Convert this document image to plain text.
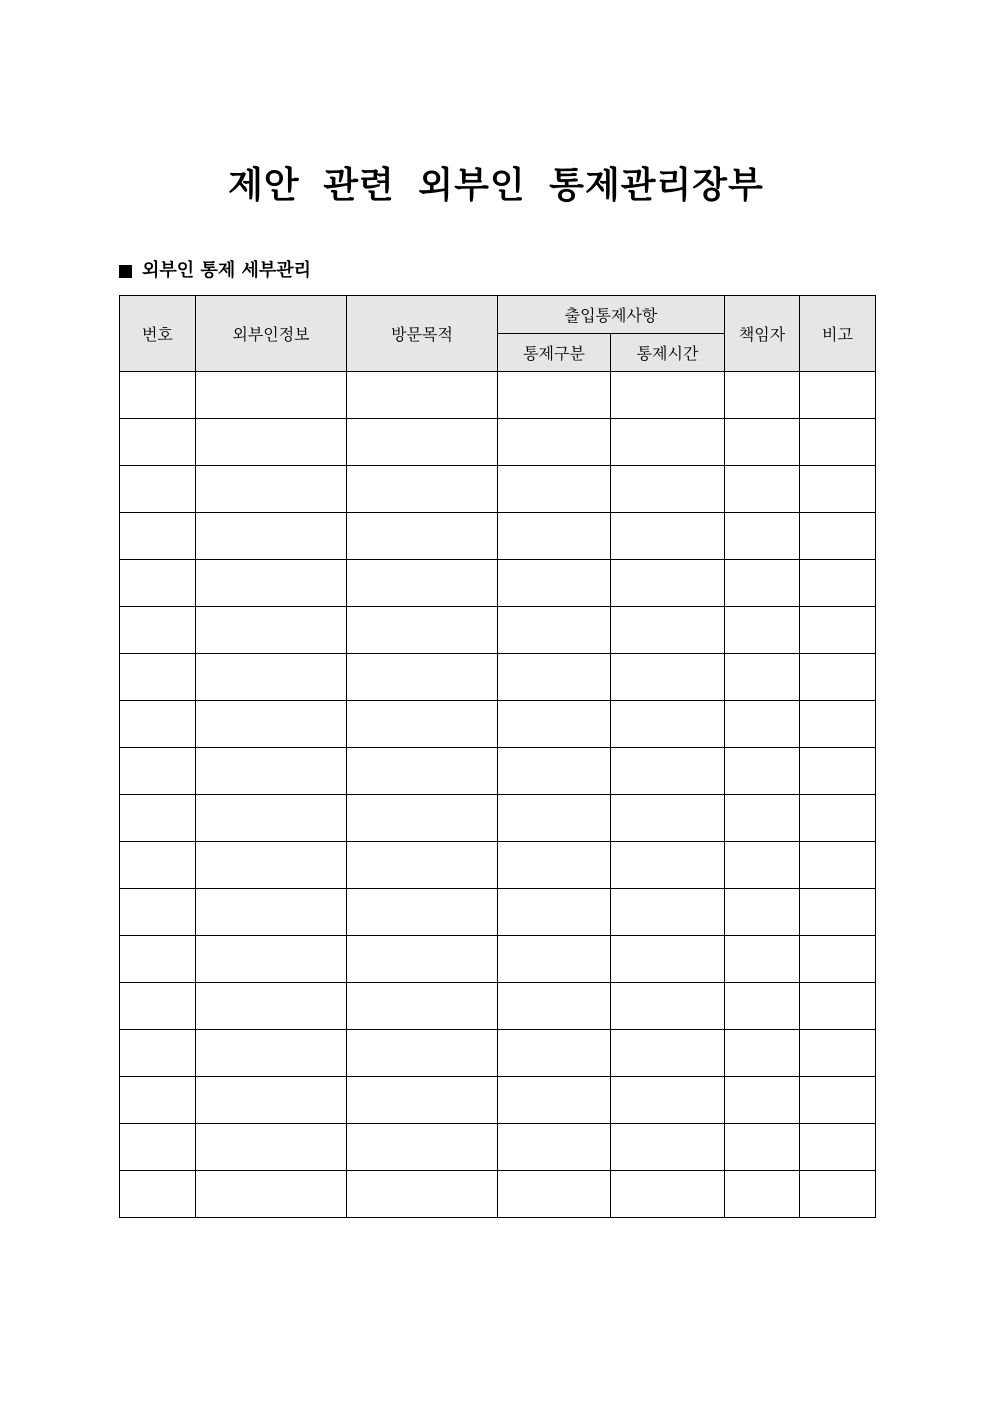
제안 관련 외부인 통제관리장부
외부인 통제 세부관리
번호	외부인정보	방문목적	출입통제사항		책임자	비고
			통제구분	통제시간		
